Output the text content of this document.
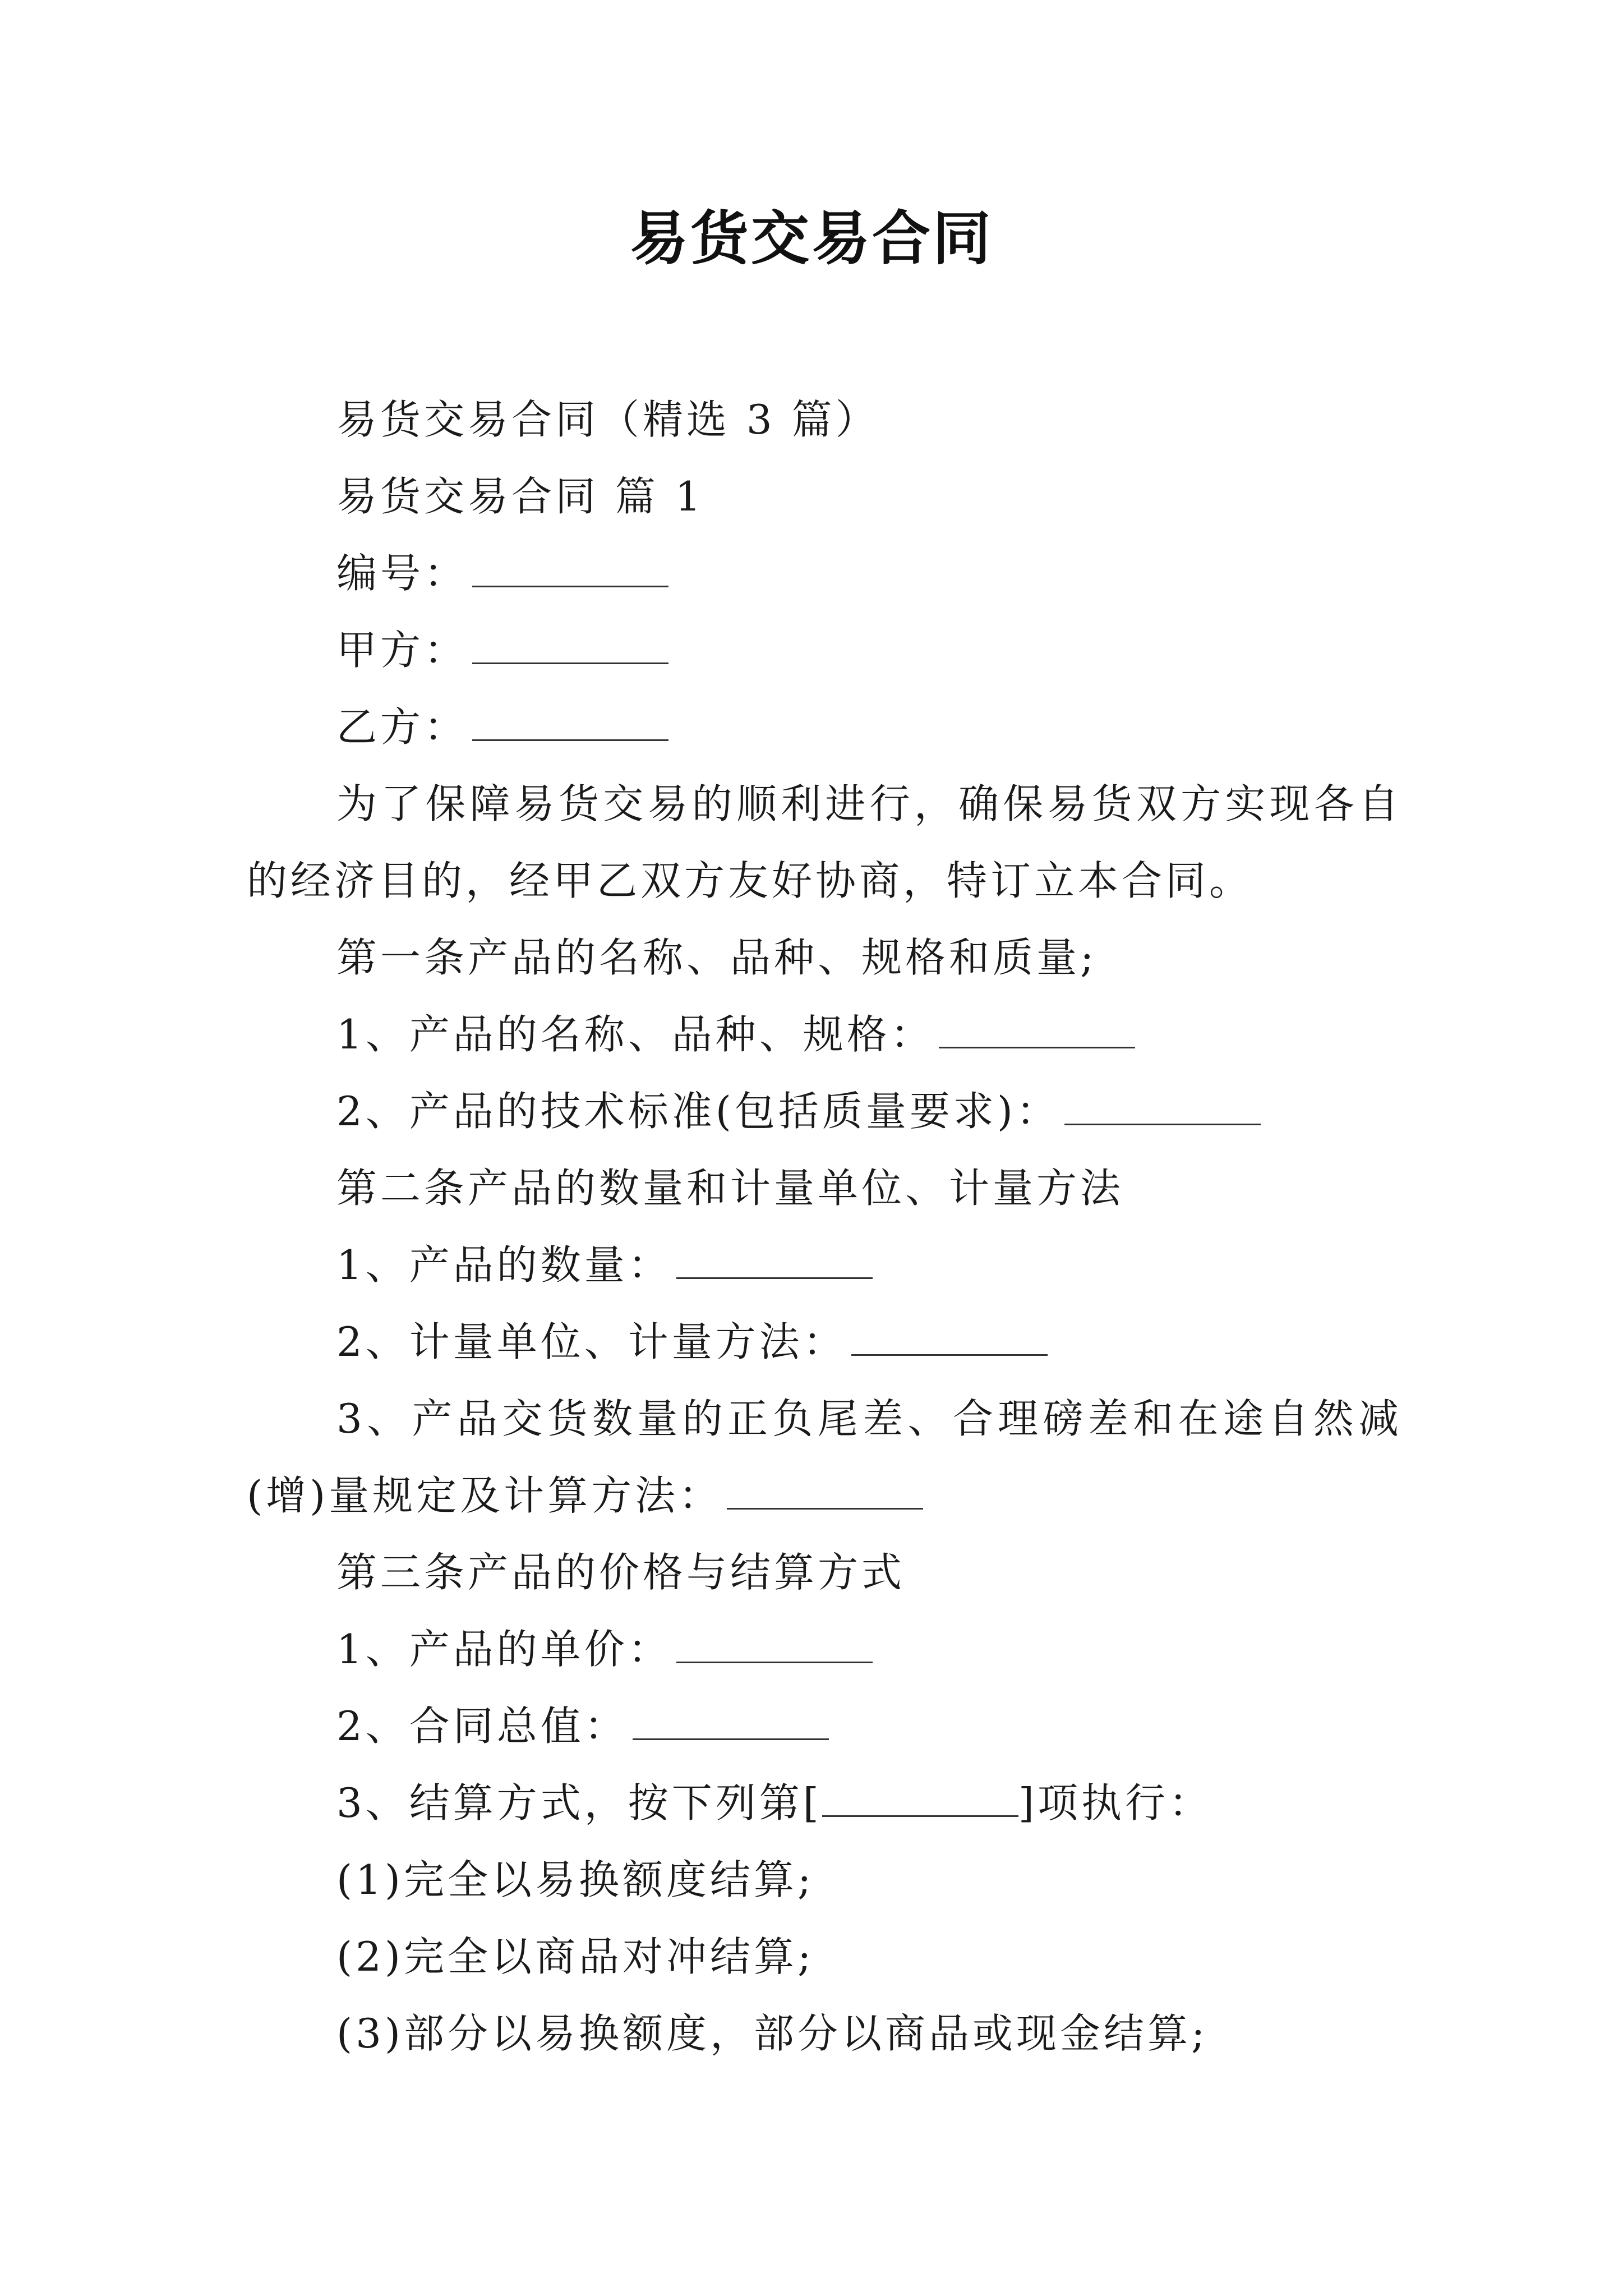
易货交易合同
易货交易合同（精选 3 篇）
易货交易合同 篇 1
编号：
甲方：
乙方：
为了保障易货交易的顺利进行，确保易货双方实现各自的经济目的，经甲乙双方友好协商，特订立本合同。
第一条产品的名称、品种、规格和质量;
1、产品的名称、品种、规格：
2、产品的技术标准(包括质量要求)：
第二条产品的数量和计量单位、计量方法
1、产品的数量：
2、计量单位、计量方法：
3、产品交货数量的正负尾差、合理磅差和在途自然减(增)量规定及计算方法：
第三条产品的价格与结算方式
1、产品的单价：
2、合同总值：
3、结算方式，按下列第[	]项执行：
(1)完全以易换额度结算;
(2)完全以商品对冲结算;
(3)部分以易换额度，部分以商品或现金结算;
